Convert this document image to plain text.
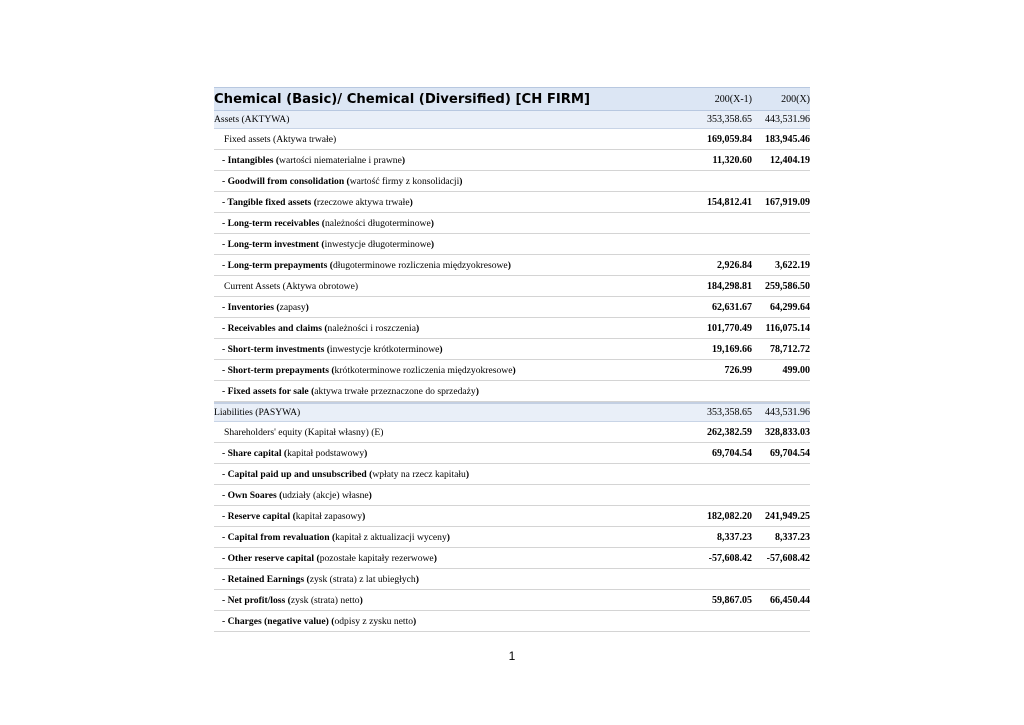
Chemical (Basic)/ Chemical (Diversified) [CH FIRM]	200(X-1)	200(X)
Assets (AKTYWA)	353,358.65	443,531.96
Fixed assets (Aktywa trwałe)	169,059.84	183,945.46
- Intangibles (wartości niematerialne i prawne)	11,320.60	12,404.19
- Goodwill from consolidation (wartość firmy z konsolidacji)
- Tangible fixed assets (rzeczowe aktywa trwałe)	154,812.41	167,919.09
- Long-term receivables (należności długoterminowe)
- Long-term investment (inwestycje długoterminowe)
- Long-term prepayments (długoterminowe rozliczenia międzyokresowe)	2,926.84	3,622.19
Current Assets (Aktywa obrotowe)	184,298.81	259,586.50
- Inventories (zapasy)	62,631.67	64,299.64
- Receivables and claims (należności i roszczenia)	101,770.49	116,075.14
- Short-term investments (inwestycje krótkoterminowe)	19,169.66	78,712.72
- Short-term prepayments (krótkoterminowe rozliczenia międzyokresowe)	726.99	499.00
- Fixed assets for sale (aktywa trwałe przeznaczone do sprzedaży)
Liabilities (PASYWA)	353,358.65	443,531.96
Shareholders' equity (Kapitał własny) (E)	262,382.59	328,833.03
- Share capital (kapitał podstawowy)	69,704.54	69,704.54
- Capital paid up and unsubscribed (wpłaty na rzecz kapitału)
- Own Soares (udziały (akcje) własne)
- Reserve capital (kapitał zapasowy)	182,082.20	241,949.25
- Capital from revaluation (kapitał z aktualizacji wyceny)	8,337.23	8,337.23
- Other reserve capital (pozostałe kapitały rezerwowe)	-57,608.42	-57,608.42
- Retained Earnings (zysk (strata) z lat ubiegłych)
- Net profit/loss (zysk (strata) netto)	59,867.05	66,450.44
- Charges (negative value) (odpisy z zysku netto)
1
